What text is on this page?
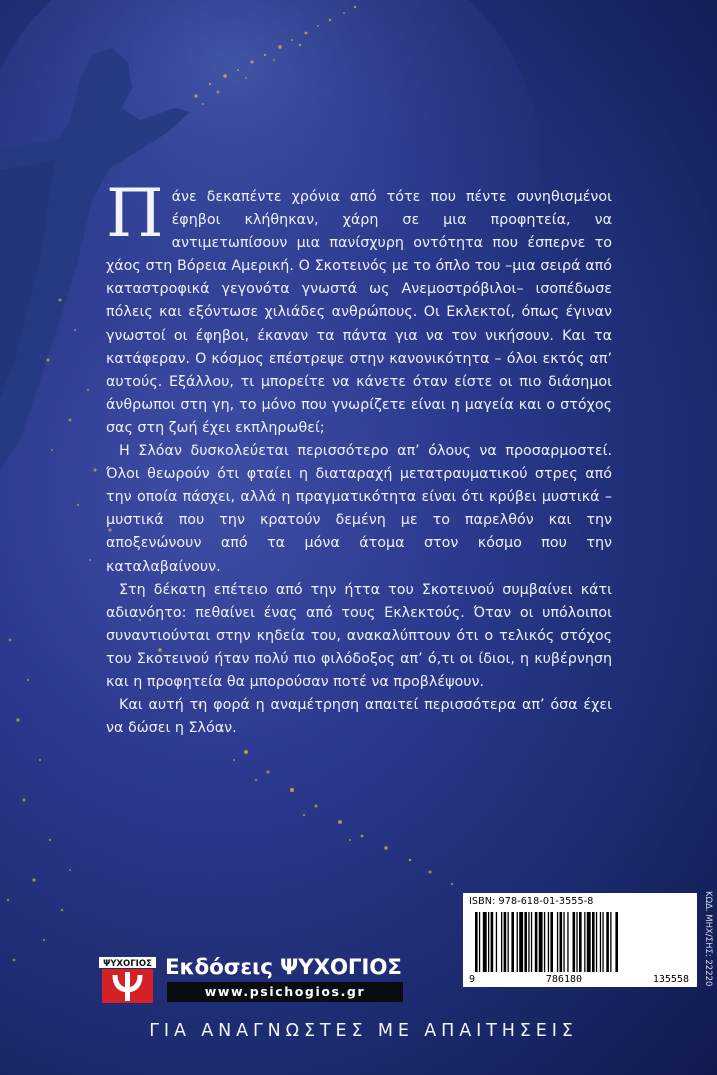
Πάνε δεκαπέντε χρόνια από τότε που πέντε συνηθισμένοι έφηβοι κλήθηκαν, χάρη σε μια προφητεία, να αντιμετωπίσουν μια πανίσχυρη οντότητα που έσπερνε το χάος στη Βόρεια Αμερική. Ο Σκοτεινός με το όπλο του –μια σειρά από καταστροφικά γεγονότα γνωστά ως Ανεμοστρόβιλοι– ισοπέδωσε πόλεις και εξόντωσε χιλιάδες ανθρώπους. Οι Εκλεκτοί, όπως έγιναν γνωστοί οι έφηβοι, έκαναν τα πάντα για να τον νικήσουν. Και τα κατάφεραν. Ο κόσμος επέστρεψε στην κανονικότητα – όλοι εκτός απ’ αυτούς. Εξάλλου, τι μπορείτε να κάνετε όταν είστε οι πιο διάσημοι άνθρωποι στη γη, το μόνο που γνωρίζετε είναι η μαγεία και ο στόχος σας στη ζωή έχει εκπληρωθεί;

Η Σλόαν δυσκολεύεται περισσότερο απ’ όλους να προσαρμοστεί. Όλοι θεωρούν ότι φταίει η διαταραχή μετατραυματικού στρες από την οποία πάσχει, αλλά η πραγματικότητα είναι ότι κρύβει μυστικά – μυστικά που την κρατούν δεμένη με το παρελθόν και την αποξενώνουν από τα μόνα άτομα στον κόσμο που την καταλαβαίνουν.

Στη δέκατη επέτειο από την ήττα του Σκοτεινού συμβαίνει κάτι αδιανόητο: πεθαίνει ένας από τους Εκλεκτούς. Όταν οι υπόλοιποι συναντιούνται στην κηδεία του, ανακαλύπτουν ότι ο τελικός στόχος του Σκοτεινού ήταν πολύ πιο φιλόδοξος απ’ ό,τι οι ίδιοι, η κυβέρνηση και η προφητεία θα μπορούσαν ποτέ να προβλέψουν.

Και αυτή τη φορά η αναμέτρηση απαιτεί περισσότερα απ’ όσα έχει να δώσει η Σλόαν.

ISBN: 978-618-01-3555-8
9	786180	135558 ΚΩΔ. ΜΗΧ/ΣΗΣ: 22220
ΨΥΧΟΓΙΟΣ Εκδόσεις ΨΥΧΟΓΙΟΣ
www.psichogios.gr
ΓΙΑ ΑΝΑΓΝΩΣΤΕΣ ΜΕ ΑΠΑΙΤΗΣΕΙΣ
